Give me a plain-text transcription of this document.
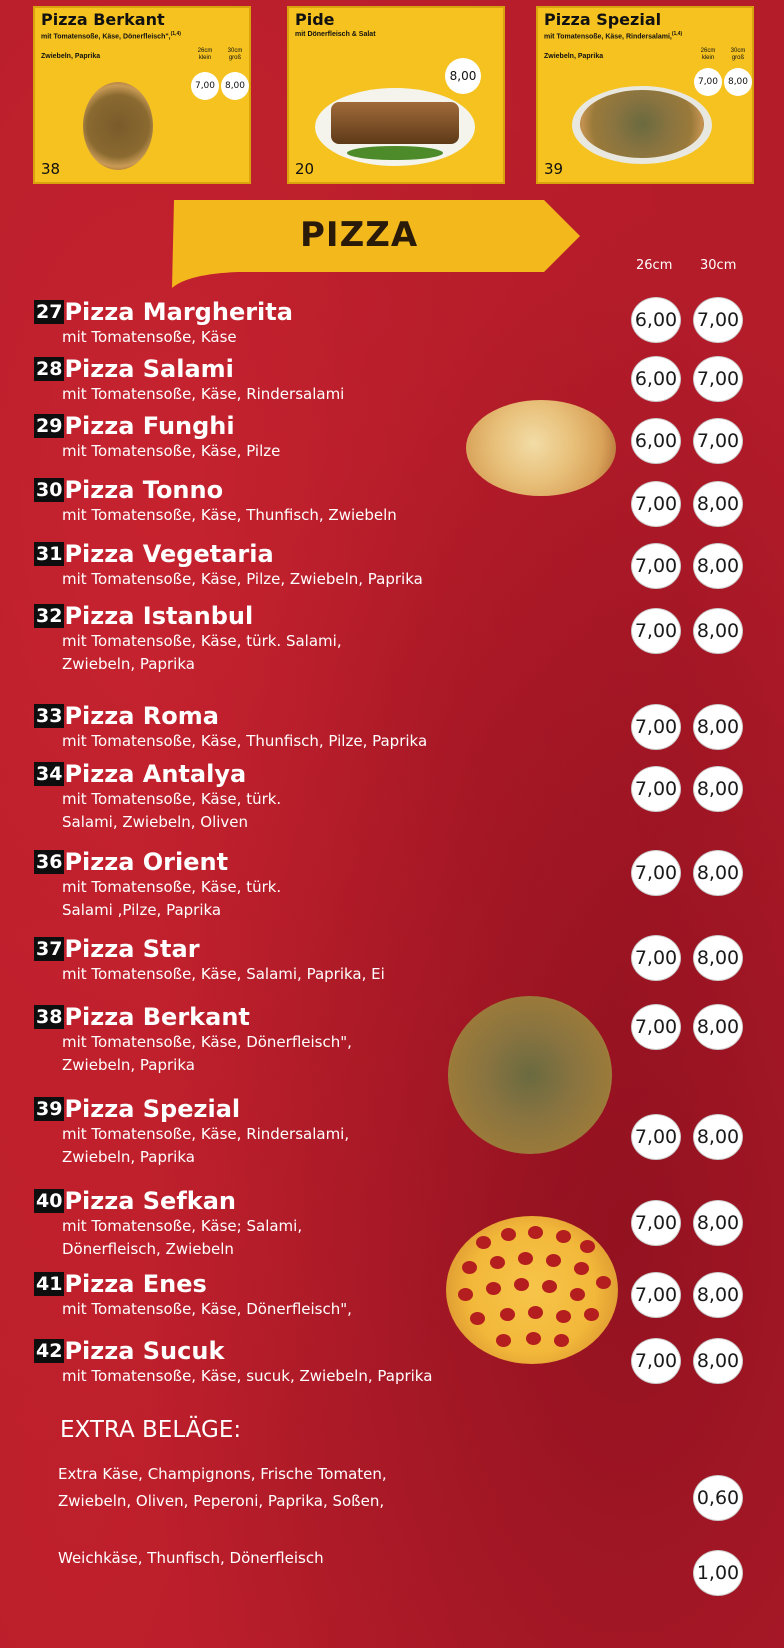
Pizza Berkant
mit Tomatensoße, Käse, Dönerfleisch",$^{(1,4)}$
Zwiebeln, Paprika
26cm klein
30cm groß
7,00	8,00
38
Pide
mit Dönerfleisch & Salat
8,00
20
Pizza Spezial
mit Tomatensoße, Käse, Rindersalami,$^{(1,4)}$
Zwiebeln, Paprika
26cm klein
30cm groß
7,00	8,00
39
PIZZA
26cm 30cm
27Pizza Margherita
mit Tomatensoße, Käse
6,00 7,00
28Pizza Salami
mit Tomatensoße, Käse, Rindersalami
6,00 7,00
29Pizza Funghi
mit Tomatensoße, Käse, Pilze	6,00 7,00
30Pizza Tonno
mit Tomatensoße, Käse, Thunfisch, Zwiebeln	7,00 8,00
31Pizza Vegetaria
mit Tomatensoße, Käse, Pilze, Zwiebeln, Paprika
7,00 8,00
32Pizza Istanbul
mit Tomatensoße, Käse, türk. Salami,
Zwiebeln, Paprika
7,00 8,00
33Pizza Roma
mit Tomatensoße, Käse, Thunfisch, Pilze, Paprika
7,00 8,00
34Pizza Antalya
mit Tomatensoße, Käse, türk.
Salami, Zwiebeln, Oliven
7,00 8,00
36Pizza Orient
mit Tomatensoße, Käse, türk.
Salami ,Pilze, Paprika
7,00 8,00
37Pizza Star
mit Tomatensoße, Käse, Salami, Paprika, Ei
7,00 8,00
38Pizza Berkant
mit Tomatensoße, Käse, Dönerfleisch",
Zwiebeln, Paprika
7,00 8,00
39Pizza Spezial
mit Tomatensoße, Käse, Rindersalami,
Zwiebeln, Paprika
7,00 8,00
40Pizza Sefkan
mit Tomatensoße, Käse; Salami,
Dönerfleisch, Zwiebeln
7,00 8,00
41Pizza Enes
mit Tomatensoße, Käse, Dönerfleisch",
7,00 8,00
42Pizza Sucuk
mit Tomatensoße, Käse, sucuk, Zwiebeln, Paprika
7,00 8,00
EXTRA BELÄGE:
Extra Käse, Champignons, Frische Tomaten,
Zwiebeln, Oliven, Peperoni, Paprika, Soßen,	0,60
Weichkäse, Thunfisch, Dönerfleisch
1,00
